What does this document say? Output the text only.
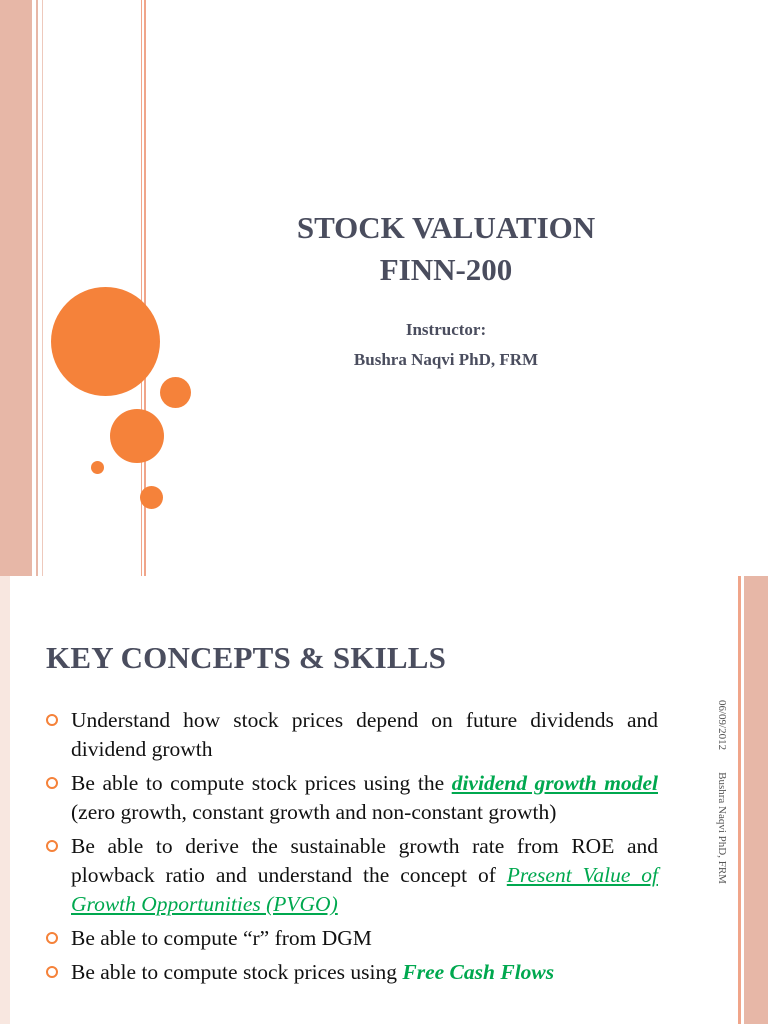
STOCK VALUATION
FINN-200
Instructor:
Bushra Naqvi PhD, FRM
KEY CONCEPTS & SKILLS
Understand how stock prices depend on future dividends and dividend growth
Be able to compute stock prices using the dividend growth model (zero growth, constant growth and non-constant growth)
Be able to derive the sustainable growth rate from ROE and plowback ratio and understand the concept of Present Value of Growth Opportunities (PVGO)
Be able to compute “r” from DGM
Be able to compute stock prices using Free Cash Flows
06/09/2012        Bushra Naqvi PhD, FRM
